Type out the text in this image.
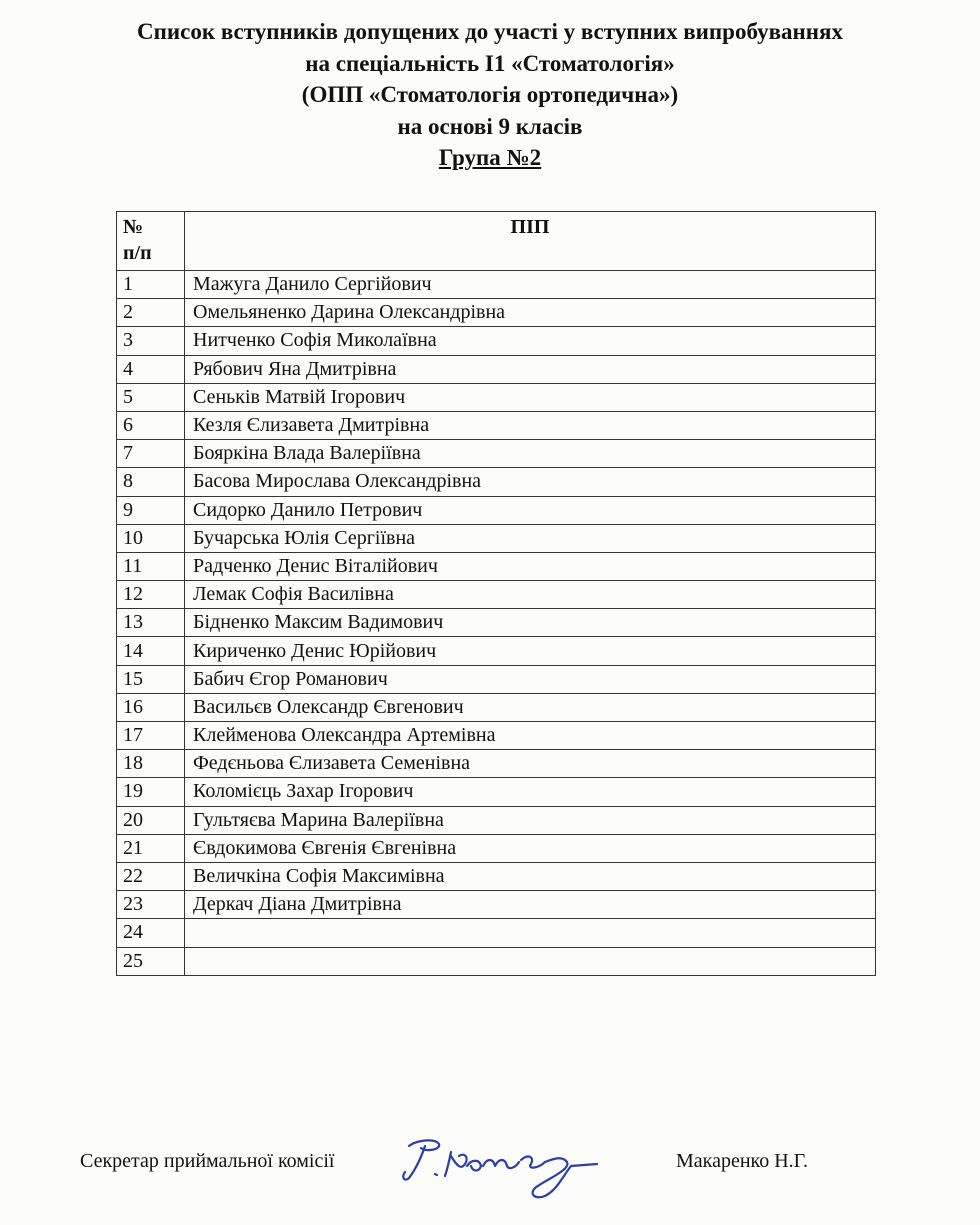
Список вступників допущених до участі у вступних випробуваннях
на спеціальність I1 «Стоматологія»
(ОПП «Стоматологія ортопедична»)
на основі 9 класів
Група №2
№
п/п	ПІП
1	Мажуга Данило Сергійович
2	Омельяненко Дарина Олександрівна
3	Нитченко Софія Миколаївна
4	Рябович Яна Дмитрівна
5	Сеньків Матвій Ігорович
6	Кезля Єлизавета Дмитрівна
7	Бояркіна Влада Валеріївна
8	Басова Мирослава Олександрівна
9	Сидорко Данило Петрович
10	Бучарська Юлія Сергіївна
11	Радченко Денис Віталійович
12	Лемак Софія Василівна
13	Бідненко Максим Вадимович
14	Кириченко Денис Юрійович
15	Бабич Єгор Романович
16	Васильєв Олександр Євгенович
17	Клейменова Олександра Артемівна
18	Федєньова Єлизавета Семенівна
19	Коломієць Захар Ігорович
20	Гультяєва Марина Валеріївна
21	Євдокимова Євгенія Євгенівна
22	Величкіна Софія Максимівна
23	Деркач Діана Дмитрівна
24	
25	
Секретар приймальної комісії	Макаренко Н.Г.
